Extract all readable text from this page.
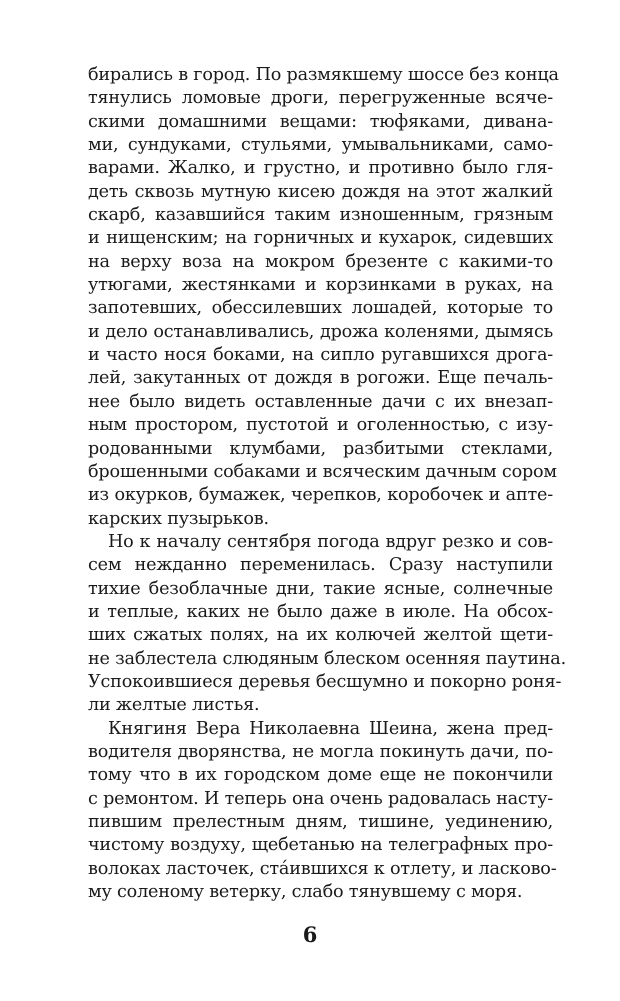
бирались в город. По размякшему шоссе без конца
тянулись ломовые дроги, перегруженные всяче-
скими домашними вещами: тюфяками, дивана-
ми, сундуками, стульями, умывальниками, само-
варами. Жалко, и грустно, и противно было гля-
деть сквозь мутную кисею дождя на этот жалкий
скарб, казавшийся таким изношенным, грязным
и нищенским; на горничных и кухарок, сидевших
на верху воза на мокром брезенте с какими-то
утюгами, жестянками и корзинками в руках, на
запотевших, обессилевших лошадей, которые то
и дело останавливались, дрожа коленями, дымясь
и часто нося боками, на сипло ругавшихся дрога-
лей, закутанных от дождя в рогожи. Еще печаль-
нее было видеть оставленные дачи с их внезап-
ным простором, пустотой и оголенностью, с изу-
родованными клумбами, разбитыми стеклами,
брошенными собаками и всяческим дачным сором
из окурков, бумажек, черепков, коробочек и апте-
карских пузырьков.
Но к началу сентября погода вдруг резко и сов-
сем нежданно переменилась. Сразу наступили
тихие безоблачные дни, такие ясные, солнечные
и теплые, каких не было даже в июле. На обсох-
ших сжатых полях, на их колючей желтой щети-
не заблестела слюдяным блеском осенняя паутина.
Успокоившиеся деревья бесшумно и покорно роня-
ли желтые листья.
Княгиня Вера Николаевна Шеина, жена пред-
водителя дворянства, не могла покинуть дачи, по-
тому что в их городском доме еще не покончили
с ремонтом. И теперь она очень радовалась насту-
пившим прелестным дням, тишине, уединению,
чистому воздуху, щебетанью на телеграфных про-
волоках ласточек, стáившихся к отлету, и ласково-
му соленому ветерку, слабо тянувшему с моря.
6
